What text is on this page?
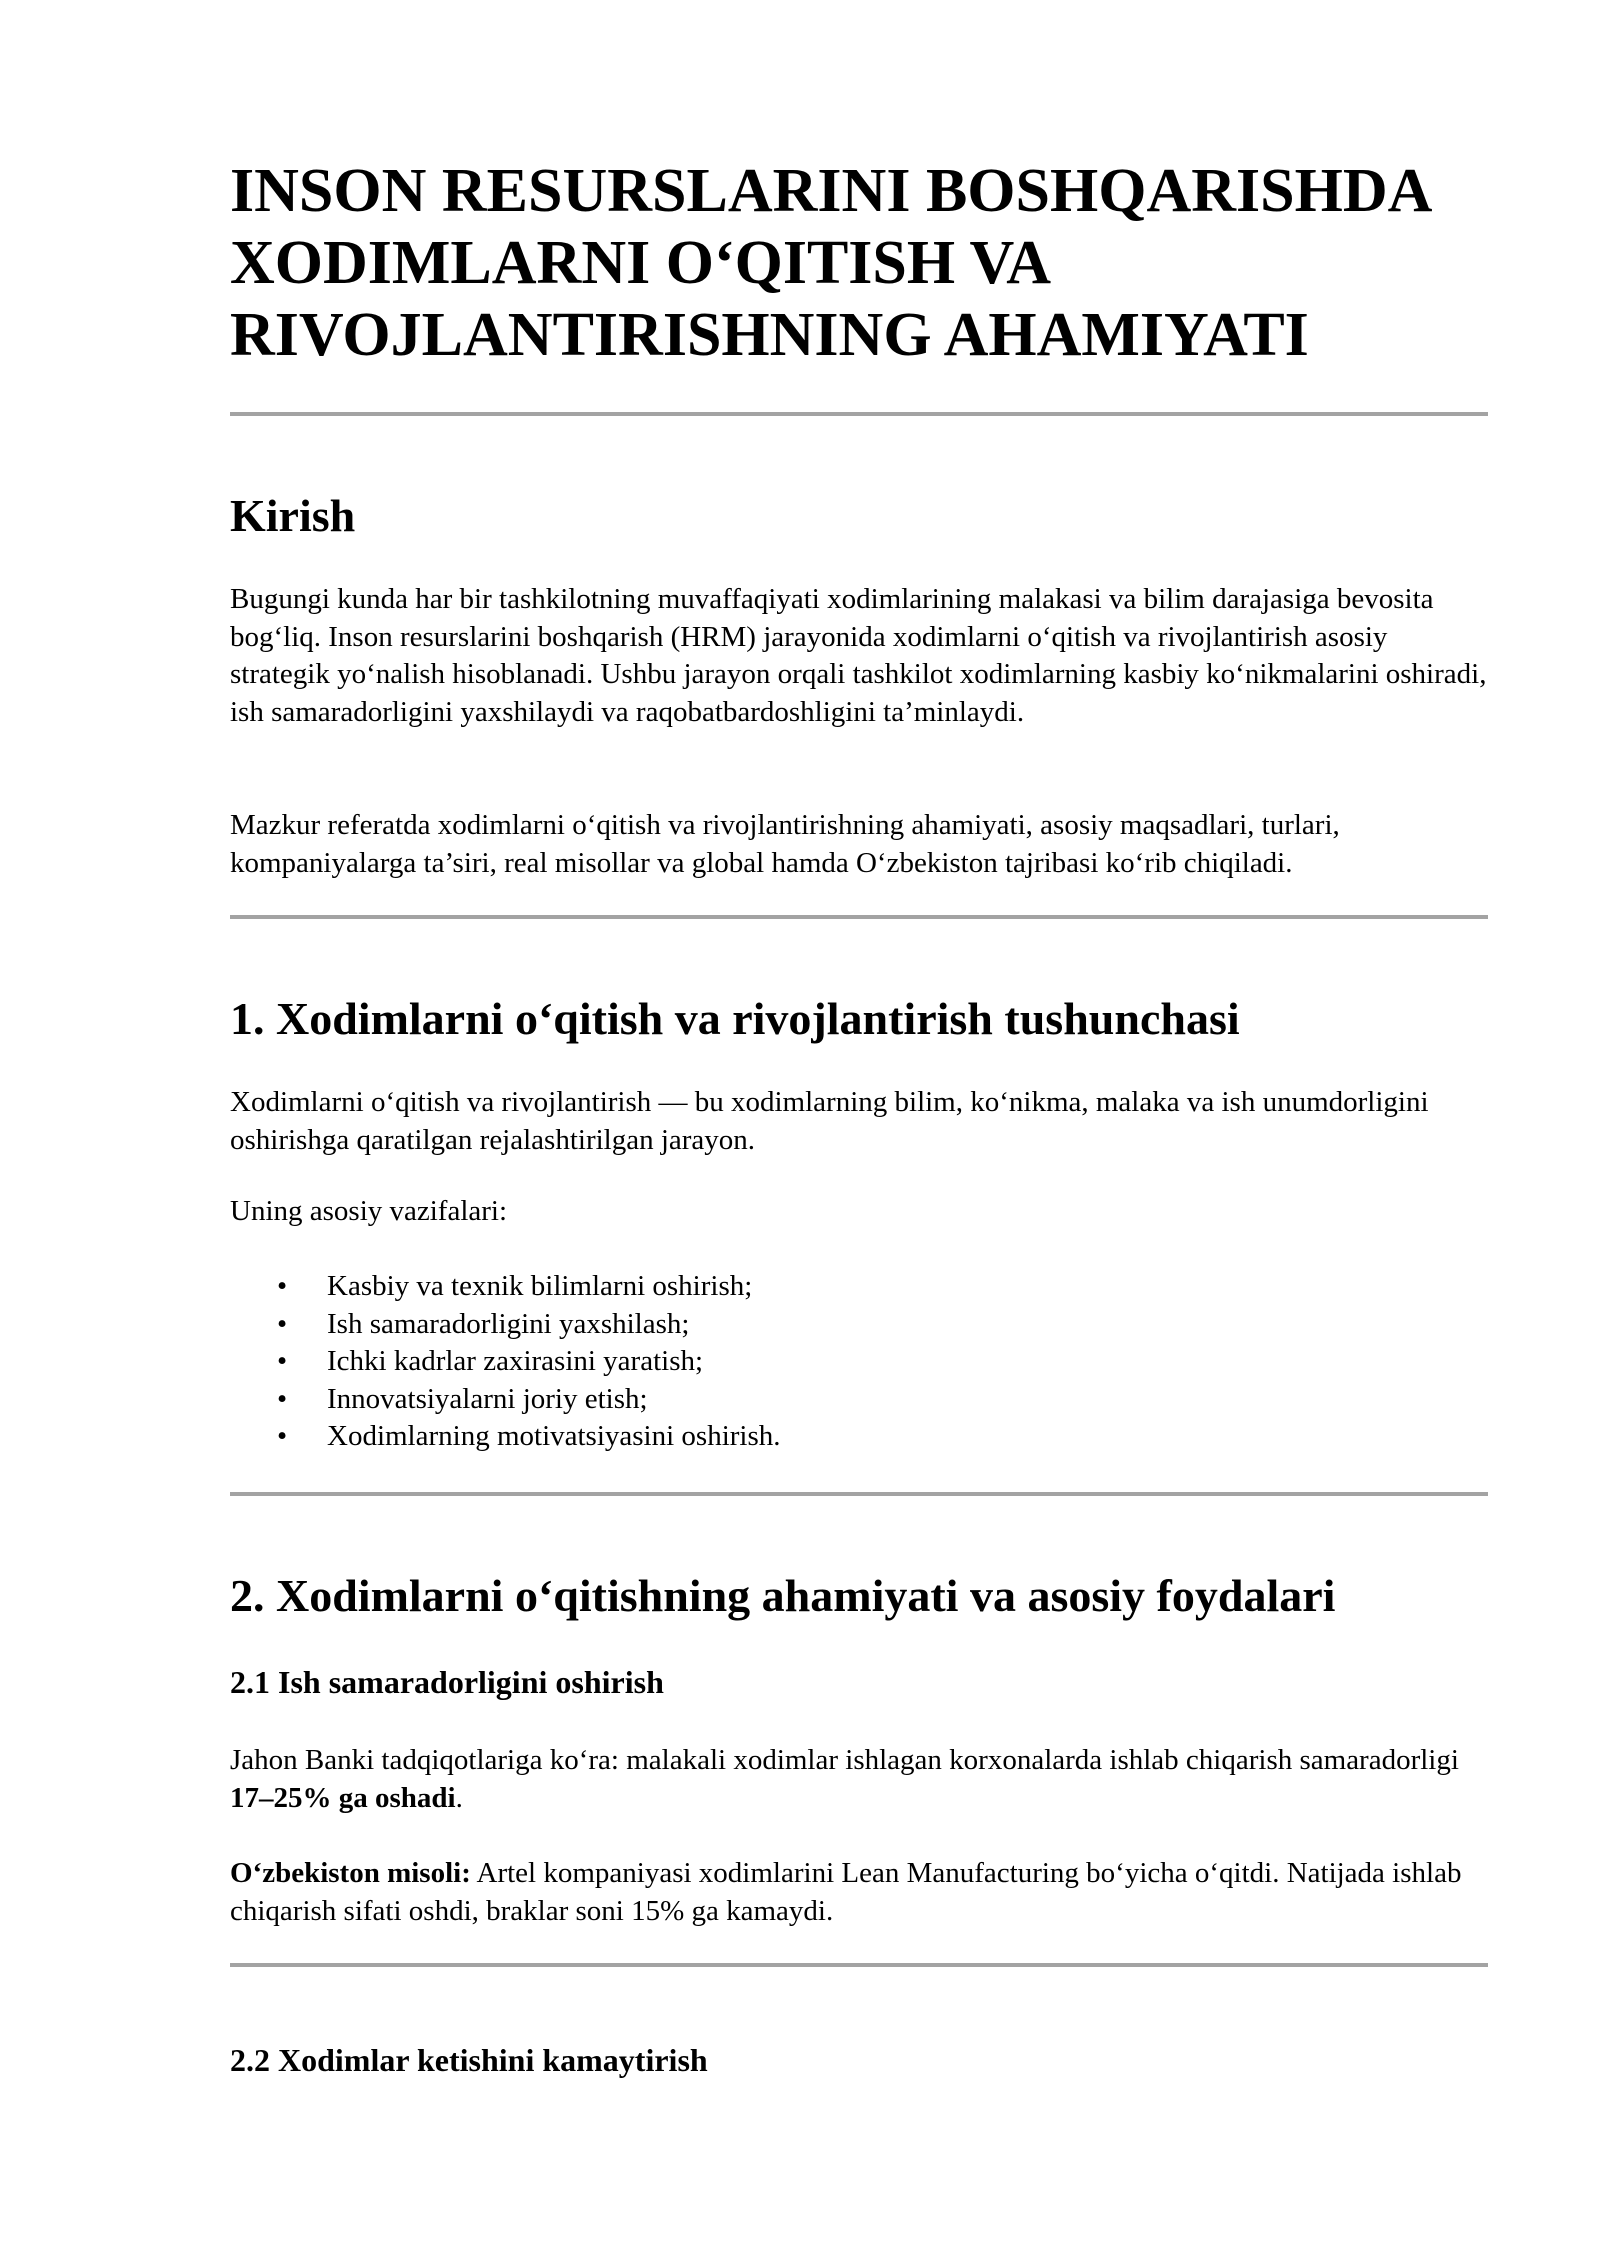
INSON RESURSLARINI BOSHQARISHDA
XODIMLARNI O‘QITISH VA
RIVOJLANTIRISHNING AHAMIYATI
Kirish

Bugungi kunda har bir tashkilotning muvaffaqiyati xodimlarining malakasi va bilim darajasiga bevosita bog‘liq. Inson resurslarini boshqarish (HRM) jarayonida xodimlarni o‘qitish va rivojlantirish asosiy strategik yo‘nalish hisoblanadi. Ushbu jarayon orqali tashkilot xodimlarning kasbiy ko‘nikmalarini oshiradi, ish samaradorligini yaxshilaydi va raqobatbardoshligini ta’minlaydi.

Mazkur referatda xodimlarni o‘qitish va rivojlantirishning ahamiyati, asosiy maqsadlari, turlari, kompaniyalarga ta’siri, real misollar va global hamda O‘zbekiston tajribasi ko‘rib chiqiladi.

1. Xodimlarni o‘qitish va rivojlantirish tushunchasi

Xodimlarni o‘qitish va rivojlantirish — bu xodimlarning bilim, ko‘nikma, malaka va ish unumdorligini oshirishga qaratilgan rejalashtirilgan jarayon.

Uning asosiy vazifalari:

• Kasbiy va texnik bilimlarni oshirish;
• Ish samaradorligini yaxshilash;
• Ichki kadrlar zaxirasini yaratish;
• Innovatsiyalarni joriy etish;
• Xodimlarning motivatsiyasini oshirish.
2. Xodimlarni o‘qitishning ahamiyati va asosiy foydalari
2.1 Ish samaradorligini oshirish

Jahon Banki tadqiqotlariga ko‘ra: malakali xodimlar ishlagan korxonalarda ishlab chiqarish samaradorligi 17–25% ga oshadi.

O‘zbekiston misoli: Artel kompaniyasi xodimlarini Lean Manufacturing bo‘yicha o‘qitdi. Natijada ishlab chiqarish sifati oshdi, braklar soni 15% ga kamaydi.

2.2 Xodimlar ketishini kamaytirish
